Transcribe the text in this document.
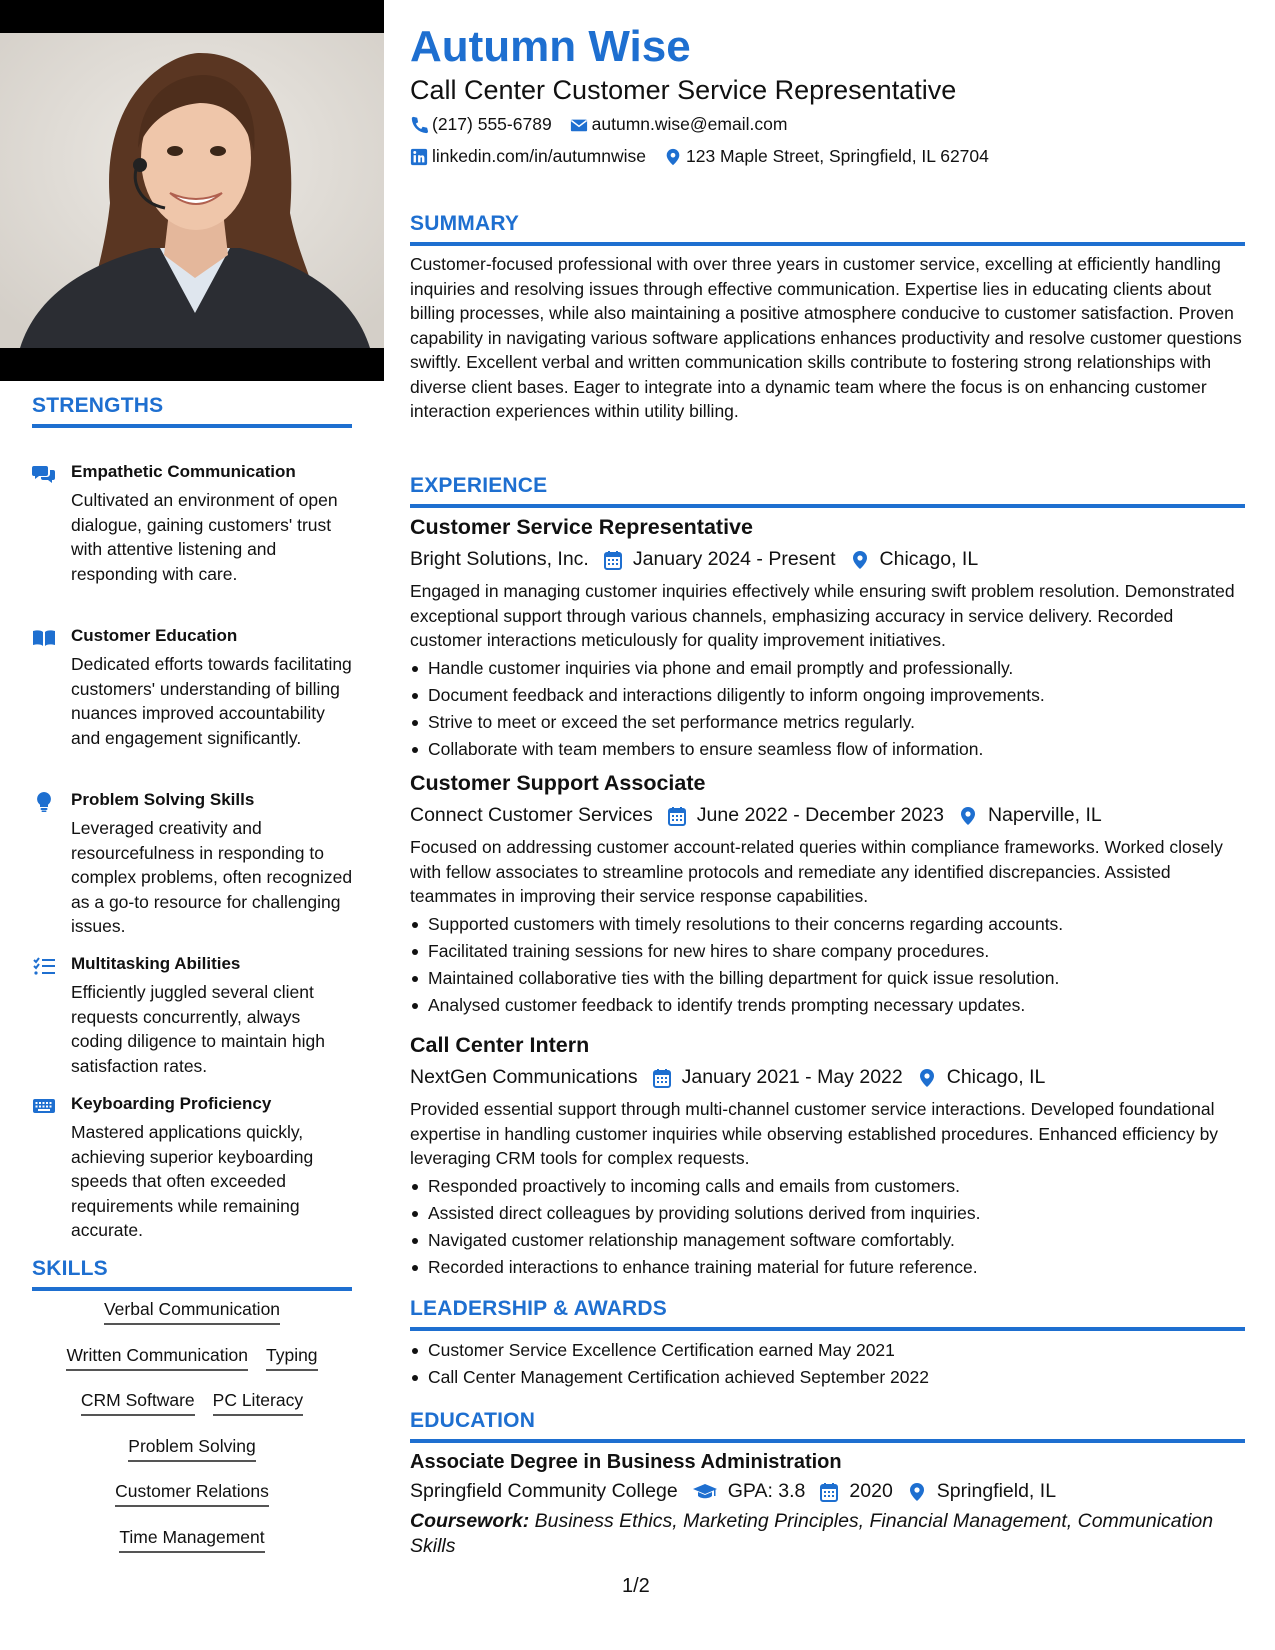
STRENGTHS
Empathetic Communication
Cultivated an environment of open dialogue, gaining customers' trust with attentive listening and responding with care.
Customer Education
Dedicated efforts towards facilitating customers' understanding of billing nuances improved accountability and engagement significantly.
Problem Solving Skills
Leveraged creativity and resourcefulness in responding to complex problems, often recognized as a go-to resource for challenging issues.
Multitasking Abilities
Efficiently juggled several client requests concurrently, always coding diligence to maintain high satisfaction rates.
Keyboarding Proficiency
Mastered applications quickly, achieving superior keyboarding speeds that often exceeded requirements while remaining accurate.
SKILLS
Verbal Communication
Written Communication Typing
CRM Software PC Literacy
Problem Solving
Customer Relations
Time Management
Autumn Wise
Call Center Customer Service Representative
(217) 555-6789 autumn.wise@email.com
linkedin.com/in/autumnwise 123 Maple Street, Springfield, IL 62704
SUMMARY
Customer-focused professional with over three years in customer service, excelling at efficiently handling inquiries and resolving issues through effective communication. Expertise lies in educating clients about billing processes, while also maintaining a positive atmosphere conducive to customer satisfaction. Proven capability in navigating various software applications enhances productivity and resolve customer questions swiftly. Excellent verbal and written communication skills contribute to fostering strong relationships with diverse client bases. Eager to integrate into a dynamic team where the focus is on enhancing customer interaction experiences within utility billing.
EXPERIENCE
Customer Service Representative
Bright Solutions, Inc. January 2024 - Present Chicago, IL
Engaged in managing customer inquiries effectively while ensuring swift problem resolution. Demonstrated exceptional support through various channels, emphasizing accuracy in service delivery. Recorded customer interactions meticulously for quality improvement initiatives.
Handle customer inquiries via phone and email promptly and professionally.
Document feedback and interactions diligently to inform ongoing improvements.
Strive to meet or exceed the set performance metrics regularly.
Collaborate with team members to ensure seamless flow of information.
Customer Support Associate
Connect Customer Services June 2022 - December 2023 Naperville, IL
Focused on addressing customer account-related queries within compliance frameworks. Worked closely with fellow associates to streamline protocols and remediate any identified discrepancies. Assisted teammates in improving their service response capabilities.
Supported customers with timely resolutions to their concerns regarding accounts.
Facilitated training sessions for new hires to share company procedures.
Maintained collaborative ties with the billing department for quick issue resolution.
Analysed customer feedback to identify trends prompting necessary updates.
Call Center Intern
NextGen Communications January 2021 - May 2022 Chicago, IL
Provided essential support through multi-channel customer service interactions. Developed foundational expertise in handling customer inquiries while observing established procedures. Enhanced efficiency by leveraging CRM tools for complex requests.
Responded proactively to incoming calls and emails from customers.
Assisted direct colleagues by providing solutions derived from inquiries.
Navigated customer relationship management software comfortably.
Recorded interactions to enhance training material for future reference.
LEADERSHIP & AWARDS
Customer Service Excellence Certification earned May 2021
Call Center Management Certification achieved September 2022
EDUCATION
Associate Degree in Business Administration
Springfield Community College	GPA: 3.8 2020 Springfield, IL
Coursework: Business Ethics, Marketing Principles, Financial Management, Communication Skills
1/2
